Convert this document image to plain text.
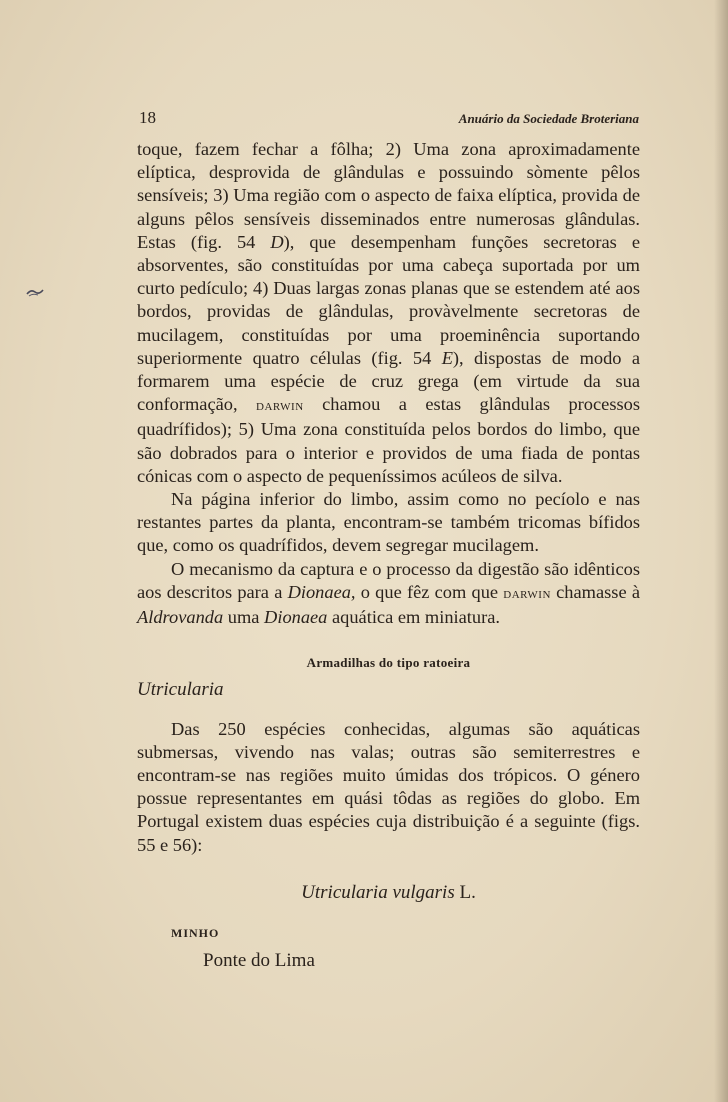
18	Anuário da Sociedade Broteriana

toque, fazem fechar a fôlha; 2) Uma zona aproximadamente elíptica, desprovida de glândulas e possuindo sòmente pêlos sensíveis; 3) Uma região com o aspecto de faixa elíptica, provida de alguns pêlos sensíveis disseminados entre numerosas glândulas. Estas (fig. 54 D), que desempenham funções secretoras e absorventes, são constituídas por uma cabeça suportada por um curto pedículo; 4) Duas largas zonas planas que se estendem até aos bordos, providas de glândulas, provàvelmente secretoras de mucilagem, constituídas por uma proeminência suportando superiormente quatro células (fig. 54 E), dispostas de modo a formarem uma espécie de cruz grega (em virtude da sua conformação, darwin chamou a estas glândulas processos quadrífidos); 5) Uma zona constituída pelos bordos do limbo, que são dobrados para o interior e providos de uma fiada de pontas cónicas com o aspecto de pequeníssimos acúleos de silva.

Na página inferior do limbo, assim como no pecíolo e nas restantes partes da planta, encontram-se também tricomas bífidos que, como os quadrífidos, devem segregar mucilagem.

O mecanismo da captura e o processo da digestão são idênticos aos descritos para a Dionaea, o que fêz com que darwin chamasse à Aldrovanda uma Dionaea aquática em miniatura.

Armadilhas do tipo ratoeira
Utricularia

Das 250 espécies conhecidas, algumas são aquáticas submersas, vivendo nas valas; outras são semiterrestres e encontram-se nas regiões muito úmidas dos trópicos. O género possue representantes em quási tôdas as regiões do globo. Em Portugal existem duas espécies cuja distribuição é a seguinte (figs. 55 e 56):

Utricularia vulgaris L.
MINHO
Ponte do Lima
